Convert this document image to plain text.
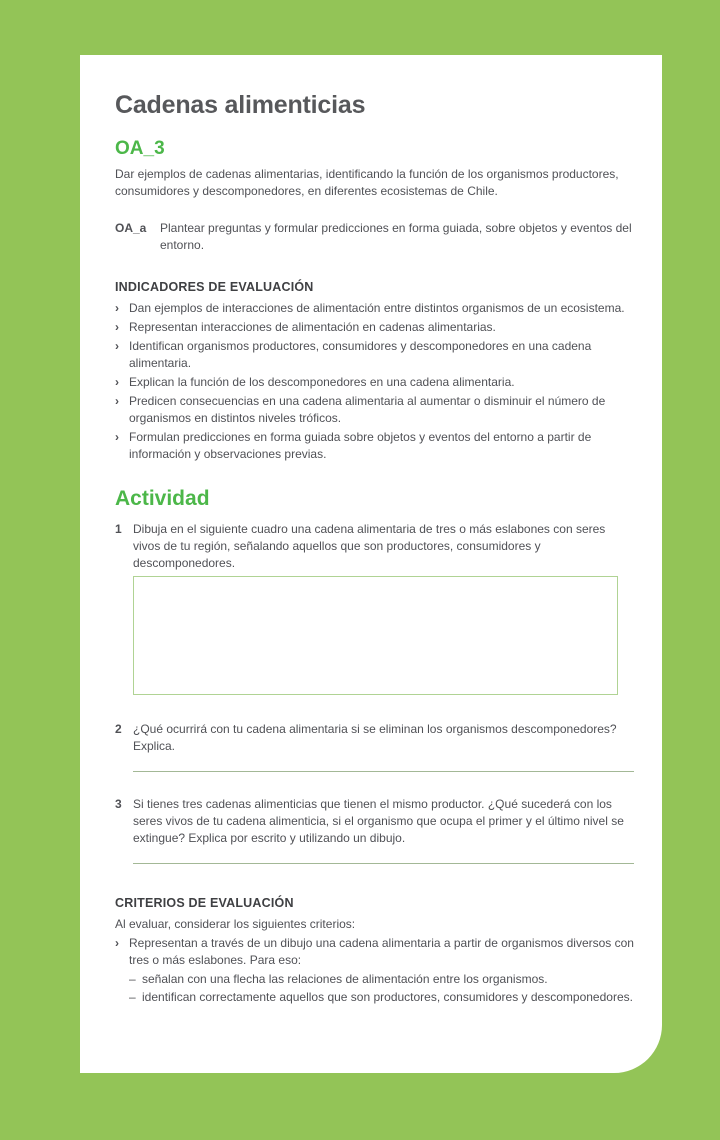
Cadenas alimenticias
OA_3

Dar ejemplos de cadenas alimentarias, identificando la función de los organismos productores, consumidores y descomponedores, en diferentes ecosistemas de Chile.

OA_a	Plantear preguntas y formular predicciones en forma guiada, sobre objetos y eventos del entorno.
INDICADORES DE EVALUACIÓN
› Dan ejemplos de interacciones de alimentación entre distintos organismos de un ecosistema.
› Representan interacciones de alimentación en cadenas alimentarias.
› Identifican organismos productores, consumidores y descomponedores en una cadena alimentaria.
› Explican la función de los descomponedores en una cadena alimentaria.
› Predicen consecuencias en una cadena alimentaria al aumentar o disminuir el número de organismos en distintos niveles tróficos.
› Formulan predicciones en forma guiada sobre objetos y eventos del entorno a partir de información y observaciones previas.
Actividad
1 Dibuja en el siguiente cuadro una cadena alimentaria de tres o más eslabones con seres vivos de tu región, señalando aquellos que son productores, consumidores y descomponedores.
2 ¿Qué ocurrirá con tu cadena alimentaria si se eliminan los organismos descomponedores? Explica.
3 Si tienes tres cadenas alimenticias que tienen el mismo productor. ¿Qué sucederá con los seres vivos de tu cadena alimenticia, si el organismo que ocupa el primer y el último nivel se extingue? Explica por escrito y utilizando un dibujo.
CRITERIOS DE EVALUACIÓN

Al evaluar, considerar los siguientes criterios:

› Representan a través de un dibujo una cadena alimentaria a partir de organismos diversos con tres o más eslabones. Para eso:
– señalan con una flecha las relaciones de alimentación entre los organismos.
– identifican correctamente aquellos que son productores, consumidores y descomponedores.
